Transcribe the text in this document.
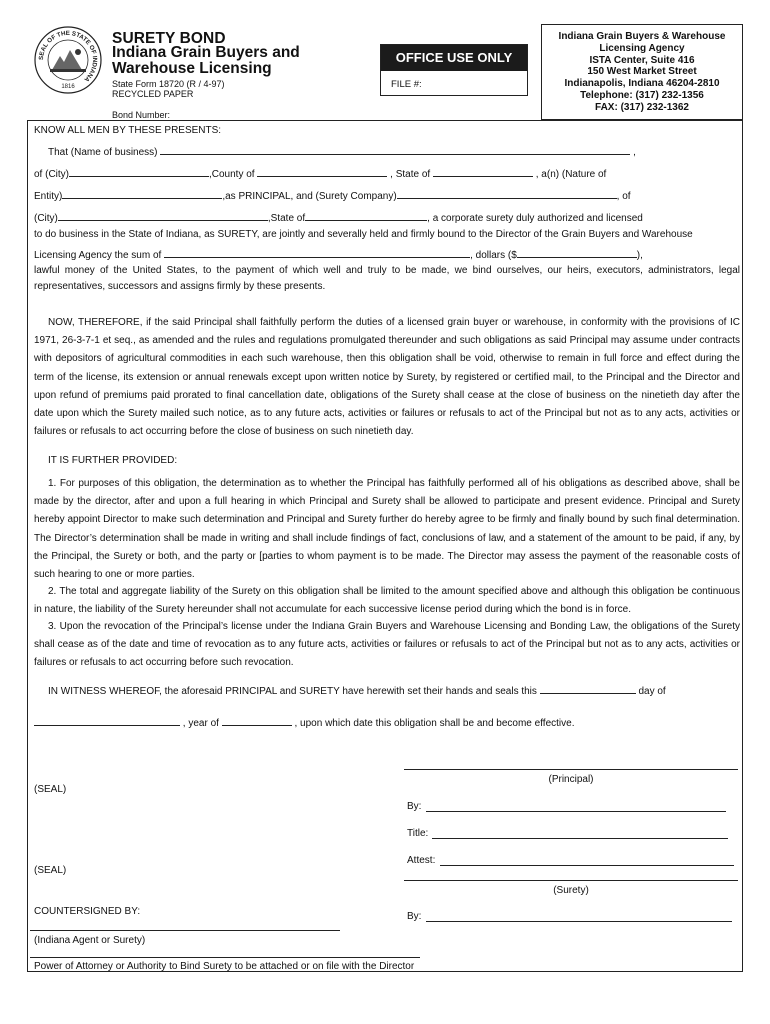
SEAL OF THE STATE OF INDIANA
1816
SURETY BOND
Indiana Grain Buyers and
Warehouse Licensing
State Form 18720 (R / 4-97)
RECYCLED PAPER
Bond Number:
OFFICE USE ONLY
FILE #:
Indiana Grain Buyers & Warehouse
Licensing Agency
ISTA Center, Suite 416
150 West Market Street
Indianapolis, Indiana 46204-2810
Telephone: (317) 232-1356
FAX: (317) 232-1362
KNOW ALL MEN BY THESE PRESENTS:
That (Name of business)	,
of (City)	,County of	, State of	, a(n) (Nature of
Entity)	,as PRINCIPAL, and (Surety Company)	, of
(City)	,State of	, a corporate surety duly authorized and licensed
to do business in the State of Indiana, as SURETY, are jointly and severally held and firmly bound to the Director of the Grain Buyers and Warehouse
Licensing Agency the sum of	, dollars ($	),
lawful money of the United States, to the payment of which well and truly to be made, we bind ourselves, our heirs, executors, administrators, legal representatives, successors and assigns firmly by these presents.
NOW, THEREFORE, if the said Principal shall faithfully perform the duties of a licensed grain buyer or warehouse, in conformity with the provisions of IC 1971, 26-3-7-1 et seq., as amended and the rules and regulations promulgated thereunder and such obligations as said Principal may assume under contracts with depositors of agricultural commodities in each such warehouse, then this obligation shall be void, otherwise to remain in full force and effect during the term of the license, its extension or annual renewals except upon written notice by Surety, by registered or certified mail, to the Principal and the Director and upon refund of premiums paid prorated to final cancellation date, obligations of the Surety shall cease at the close of business on the ninetieth day after the date upon which the Surety mailed such notice, as to any future acts, activities or failures or refusals to act of the Principal but not as to any acts, activities or failures or refusals to act occurring before the close of business on such ninetieth day.
IT IS FURTHER PROVIDED:
1. For purposes of this obligation, the determination as to whether the Principal has faithfully performed all of his obligations as described above, shall be made by the director, after and upon a full hearing in which Principal and Surety shall be allowed to participate and present evidence. Principal and Surety hereby appoint Director to make such determination and Principal and Surety further do hereby agree to be firmly and finally bound by such final determination. The Director’s determination shall be made in writing and shall include findings of fact, conclusions of law, and a statement of the amount to be paid, if any, by the Principal, the Surety or both, and the party or [parties to whom payment is to be made. The Director may assess the payment of the reasonable costs of such hearing to one or more parties.
2. The total and aggregate liability of the Surety on this obligation shall be limited to the amount specified above and although this obligation be continuous in nature, the liability of the Surety hereunder shall not accumulate for each successive license period during which the bond is in force.
3. Upon the revocation of the Principal’s license under the Indiana Grain Buyers and Warehouse Licensing and Bonding Law, the obligations of the Surety shall cease as of the date and time of revocation as to any future acts, activities or failures or refusals to act of the Principal but not as to any acts, activities or failures or refusals to act occurring before such revocation.
IN WITNESS WHEREOF, the aforesaid PRINCIPAL and SURETY have herewith set their hands and seals this	day of
, year of	, upon which date this obligation shall be and become effective.
(Principal)
(SEAL)
By:
Title:
Attest:
(SEAL)
(Surety)
COUNTERSIGNED BY:	By:
(Indiana Agent or Surety)
Power of Attorney or Authority to Bind Surety to be attached or on file with the Director
